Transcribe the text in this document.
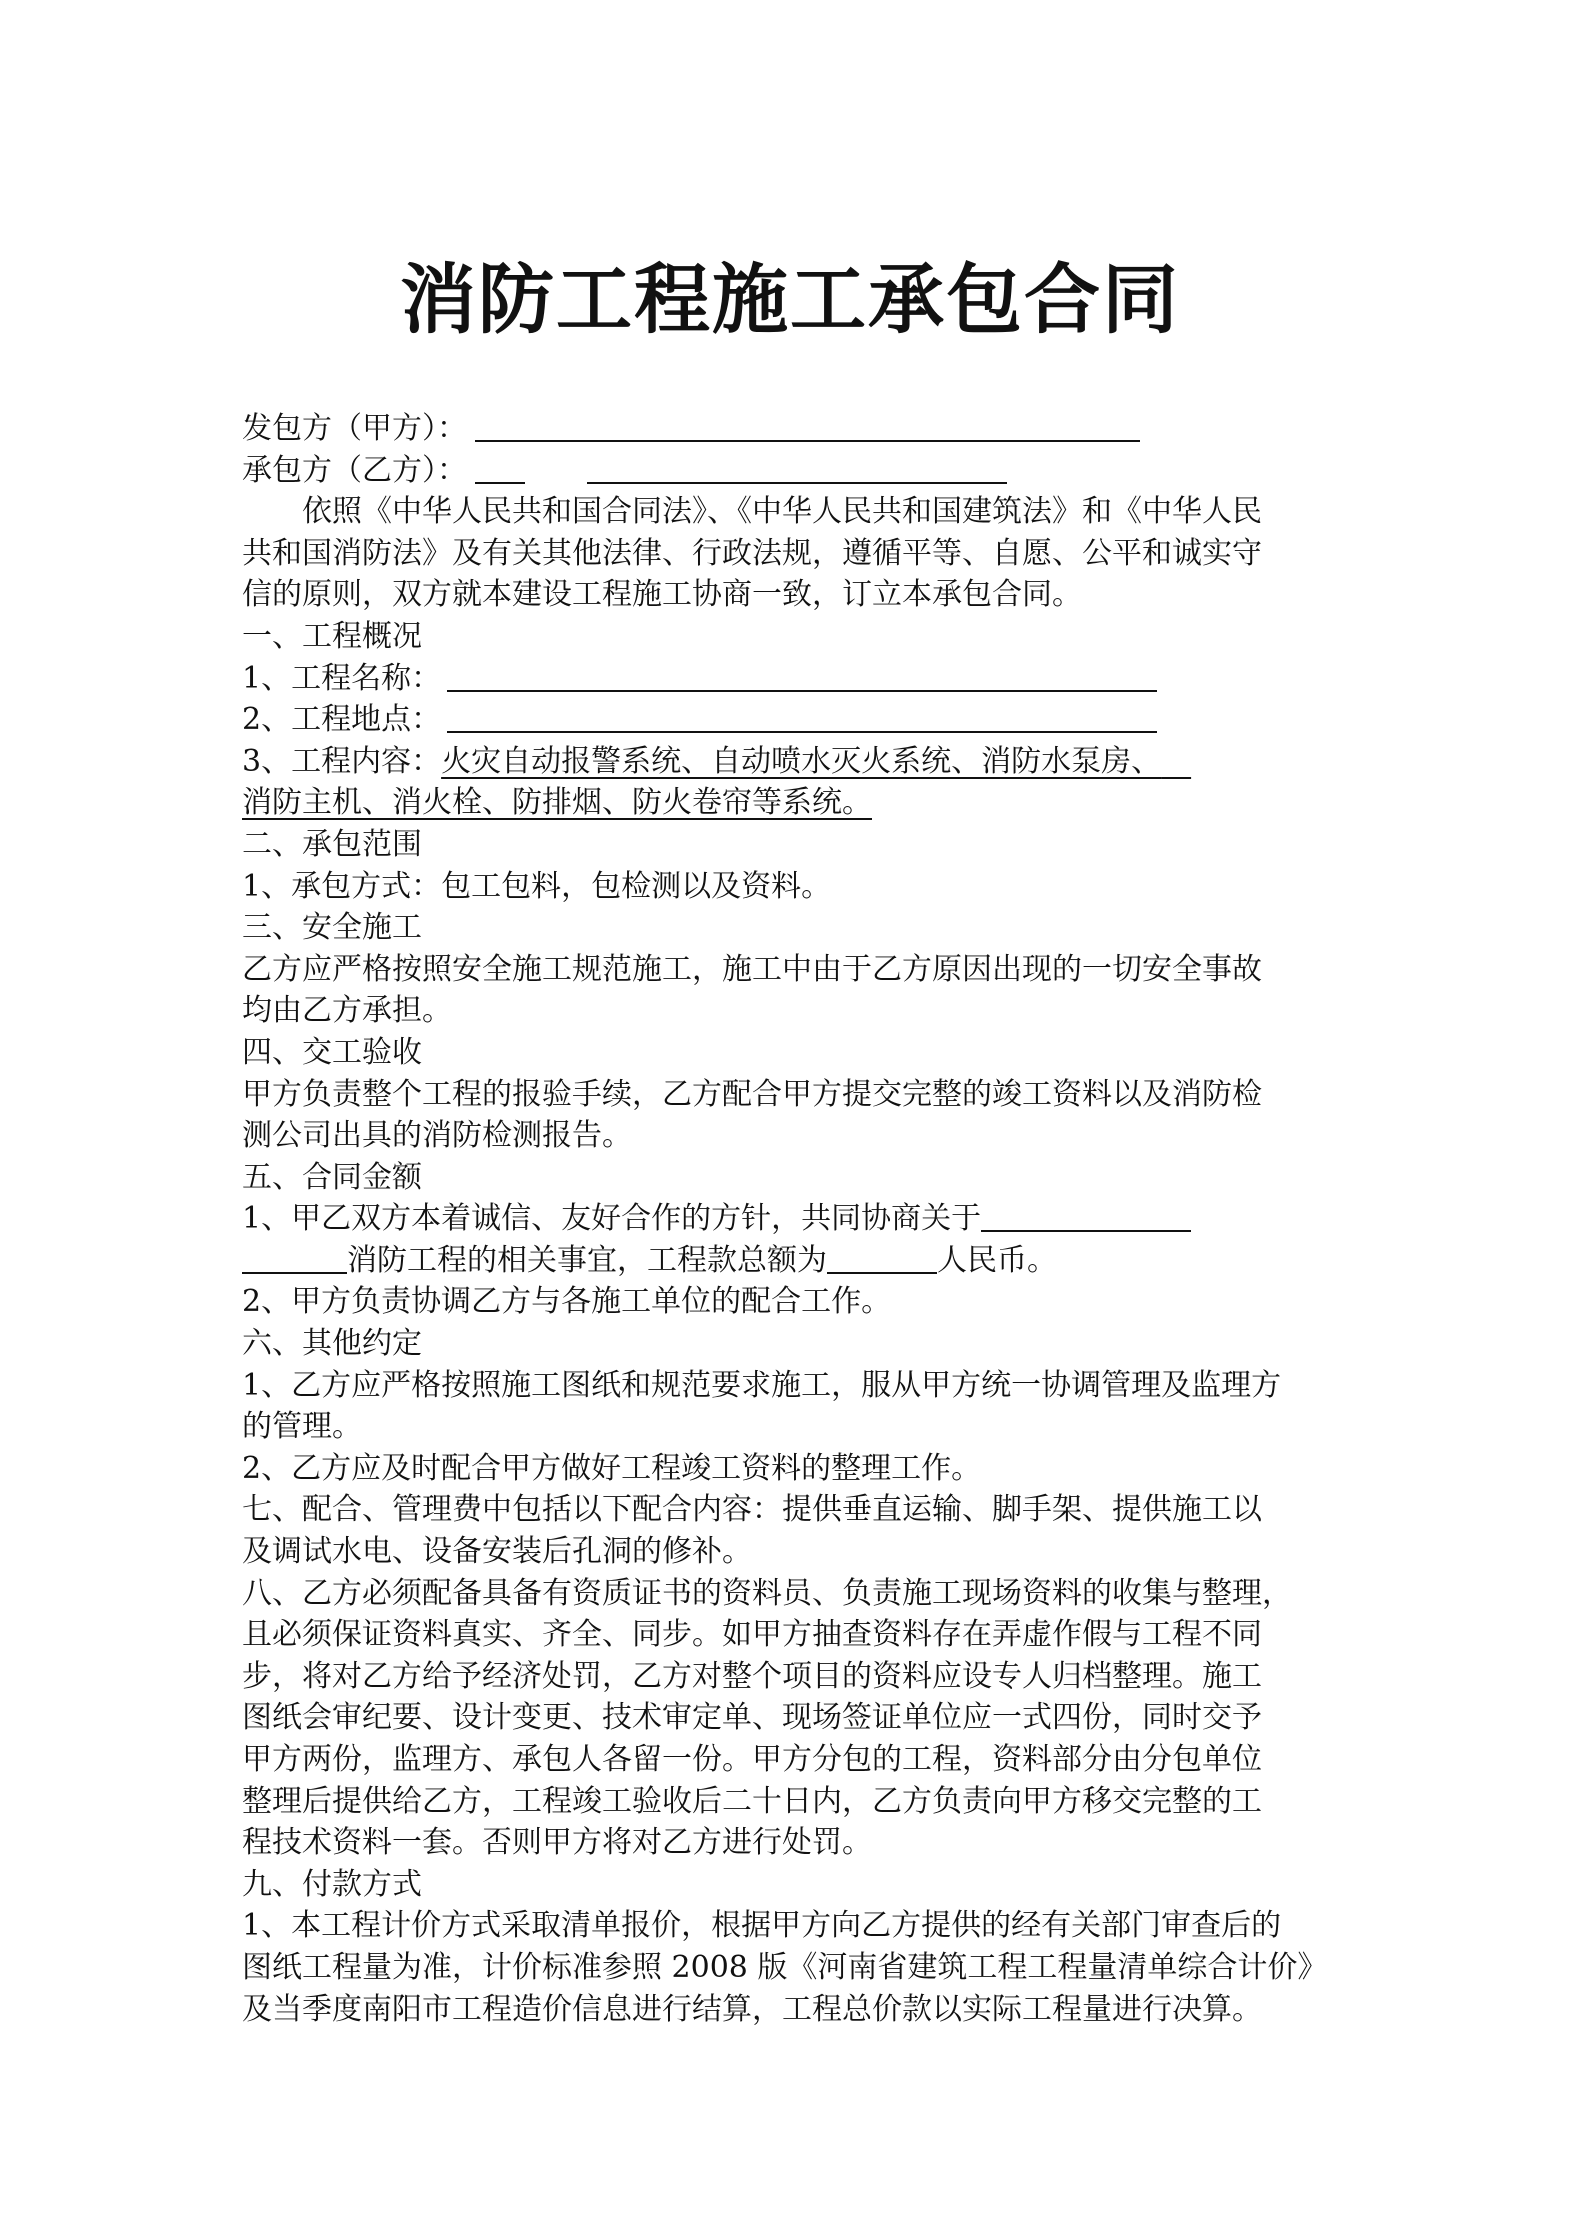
消防工程施工承包合同
发包方（甲方）：
承包方（乙方）：
依照《中华人民共和国合同法》、《中华人民共和国建筑法》和《中华人民
共和国消防法》及有关其他法律、行政法规，遵循平等、自愿、公平和诚实守
信的原则，双方就本建设工程施工协商一致，订立本承包合同。
一、工程概况
1、工程名称：
2、工程地点：
3、工程内容：火灾自动报警系统、自动喷水灭火系统、消防水泵房、 
消防主机、消火栓、防排烟、防火卷帘等系统。
二、承包范围
1、承包方式：包工包料，包检测以及资料。
三、安全施工
乙方应严格按照安全施工规范施工，施工中由于乙方原因出现的一切安全事故
均由乙方承担。
四、交工验收
甲方负责整个工程的报验手续，乙方配合甲方提交完整的竣工资料以及消防检
测公司出具的消防检测报告。
五、合同金额
1、甲乙双方本着诚信、友好合作的方针，共同协商关于
消防工程的相关事宜，工程款总额为	人民币。
2、甲方负责协调乙方与各施工单位的配合工作。
六、其他约定
1、乙方应严格按照施工图纸和规范要求施工，服从甲方统一协调管理及监理方
的管理。
2、乙方应及时配合甲方做好工程竣工资料的整理工作。
七、配合、管理费中包括以下配合内容：提供垂直运输、脚手架、提供施工以
及调试水电、设备安装后孔洞的修补。
八、乙方必须配备具备有资质证书的资料员、负责施工现场资料的收集与整理，
且必须保证资料真实、齐全、同步。如甲方抽查资料存在弄虚作假与工程不同
步，将对乙方给予经济处罚，乙方对整个项目的资料应设专人归档整理。施工
图纸会审纪要、设计变更、技术审定单、现场签证单位应一式四份，同时交予
甲方两份，监理方、承包人各留一份。甲方分包的工程，资料部分由分包单位
整理后提供给乙方，工程竣工验收后二十日内，乙方负责向甲方移交完整的工
程技术资料一套。否则甲方将对乙方进行处罚。
九、付款方式
1、本工程计价方式采取清单报价，根据甲方向乙方提供的经有关部门审查后的
图纸工程量为准，计价标准参照 2008 版《河南省建筑工程工程量清单综合计价》
及当季度南阳市工程造价信息进行结算，工程总价款以实际工程量进行决算。
